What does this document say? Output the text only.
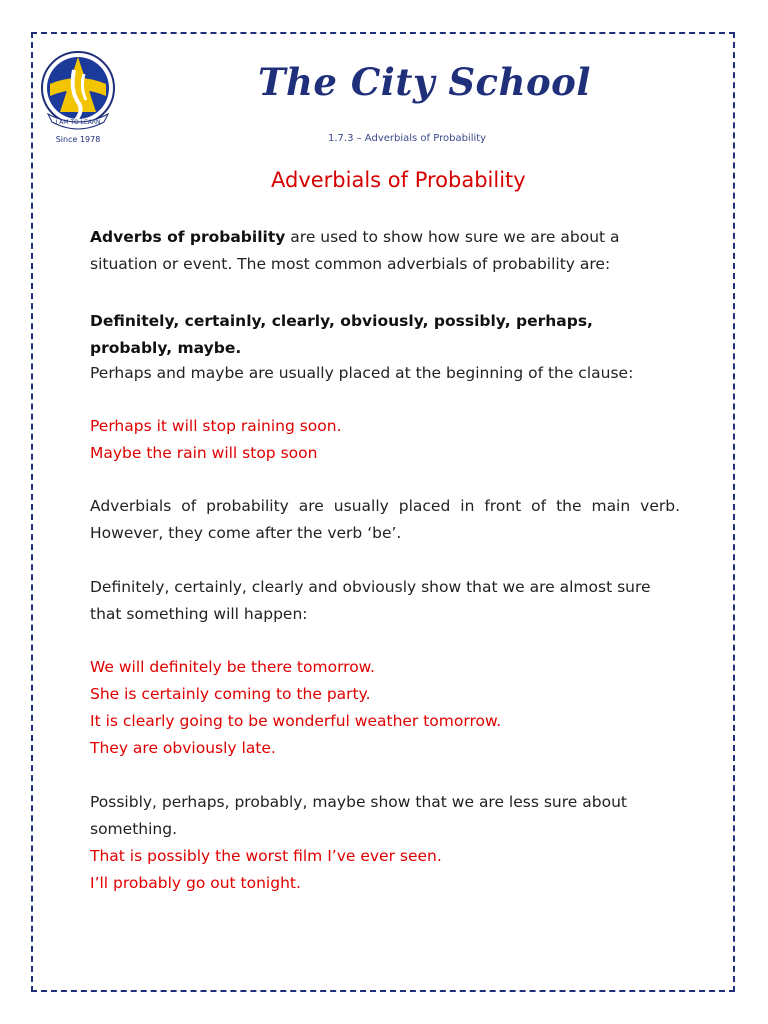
I AM TO LEARN
Since 1978
The City School
1.7.3 – Adverbials of Probability
Adverbials of Probability
Adverbs of probability are used to show how sure we are about a situation or event. The most common adverbials of probability are:
Definitely, certainly, clearly, obviously, possibly, perhaps, probably, maybe.
Perhaps and maybe are usually placed at the beginning of the clause:
Perhaps it will stop raining soon.
Maybe the rain will stop soon
Adverbials of probability are usually placed in front of the main verb. However, they come after the verb ‘be’.
Definitely, certainly, clearly and obviously show that we are almost sure that something will happen:
We will definitely be there tomorrow.
She is certainly coming to the party.
It is clearly going to be wonderful weather tomorrow.
They are obviously late.
Possibly, perhaps, probably, maybe show that we are less sure about something.
That is possibly the worst film I’ve ever seen.
I’ll probably go out tonight.
